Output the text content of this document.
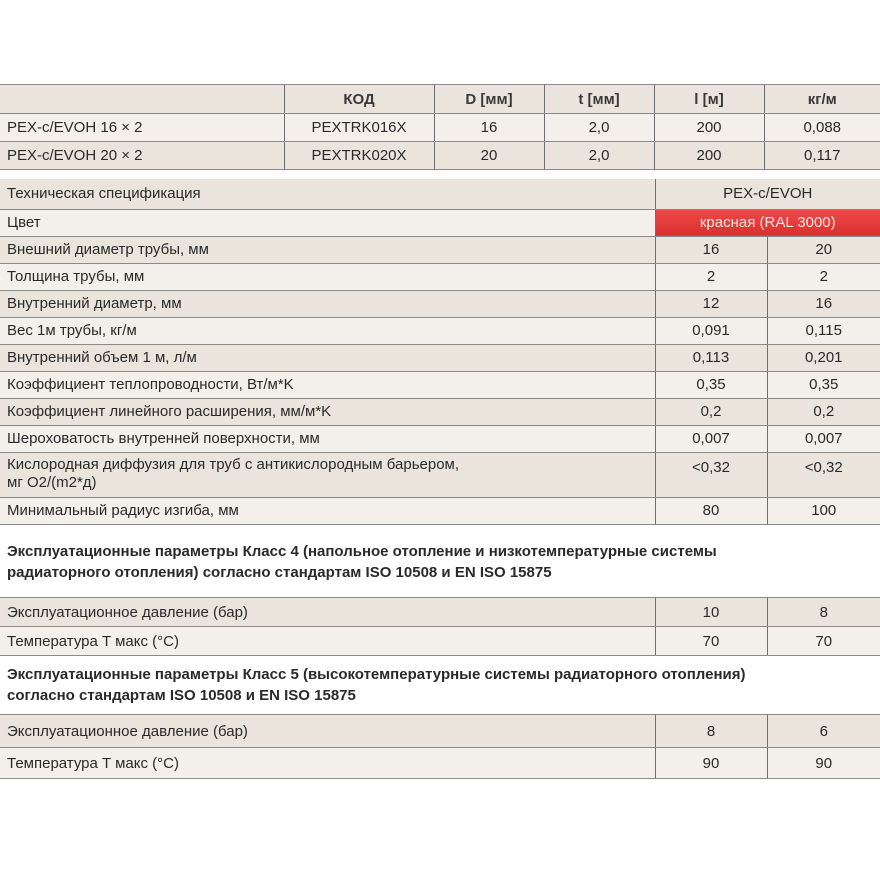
	КОД	D [мм]	t [мм]	l [м]	кг/м
PEX-c/EVOH 16 × 2	PEXTRK016X	16	2,0	200	0,088
PEX-c/EVOH 20 × 2	PEXTRK020X	20	2,0	200	0,117
Техническая спецификация	PEX-c/EVOH	
Цвет	красная (RAL 3000)	
Внешний диаметр трубы, мм	16	20
Толщина трубы, мм	2	2
Внутренний диаметр, мм	12	16
Вес 1м трубы, кг/м	0,091	0,115
Внутренний объем 1 м, л/м	0,113	0,201
Коэффициент теплопроводности, Вт/м*K	0,35	0,35
Коэффициент линейного расширения, мм/м*K	0,2	0,2
Шероховатость внутренней поверхности, мм	0,007	0,007

Кислородная диффузия для труб с антикислородным барьером,
мг O2/(m2*д)	<0,32	<0,32
Минимальный радиус изгиба, мм	80	100
Эксплуатационные параметры Класс 4 (напольное отопление и низкотемпературные системы
радиаторного отопления) согласно стандартам ISO 10508 и EN ISO 15875
Эксплуатационное давление (бар)	10	8
Температура T макс (°C)	70	70
Эксплуатационные параметры Класс 5 (высокотемпературные системы радиаторного отопления)
согласно стандартам ISO 10508 и EN ISO 15875
Эксплуатационное давление (бар)	8	6
Температура T макс (°C)	90	90
